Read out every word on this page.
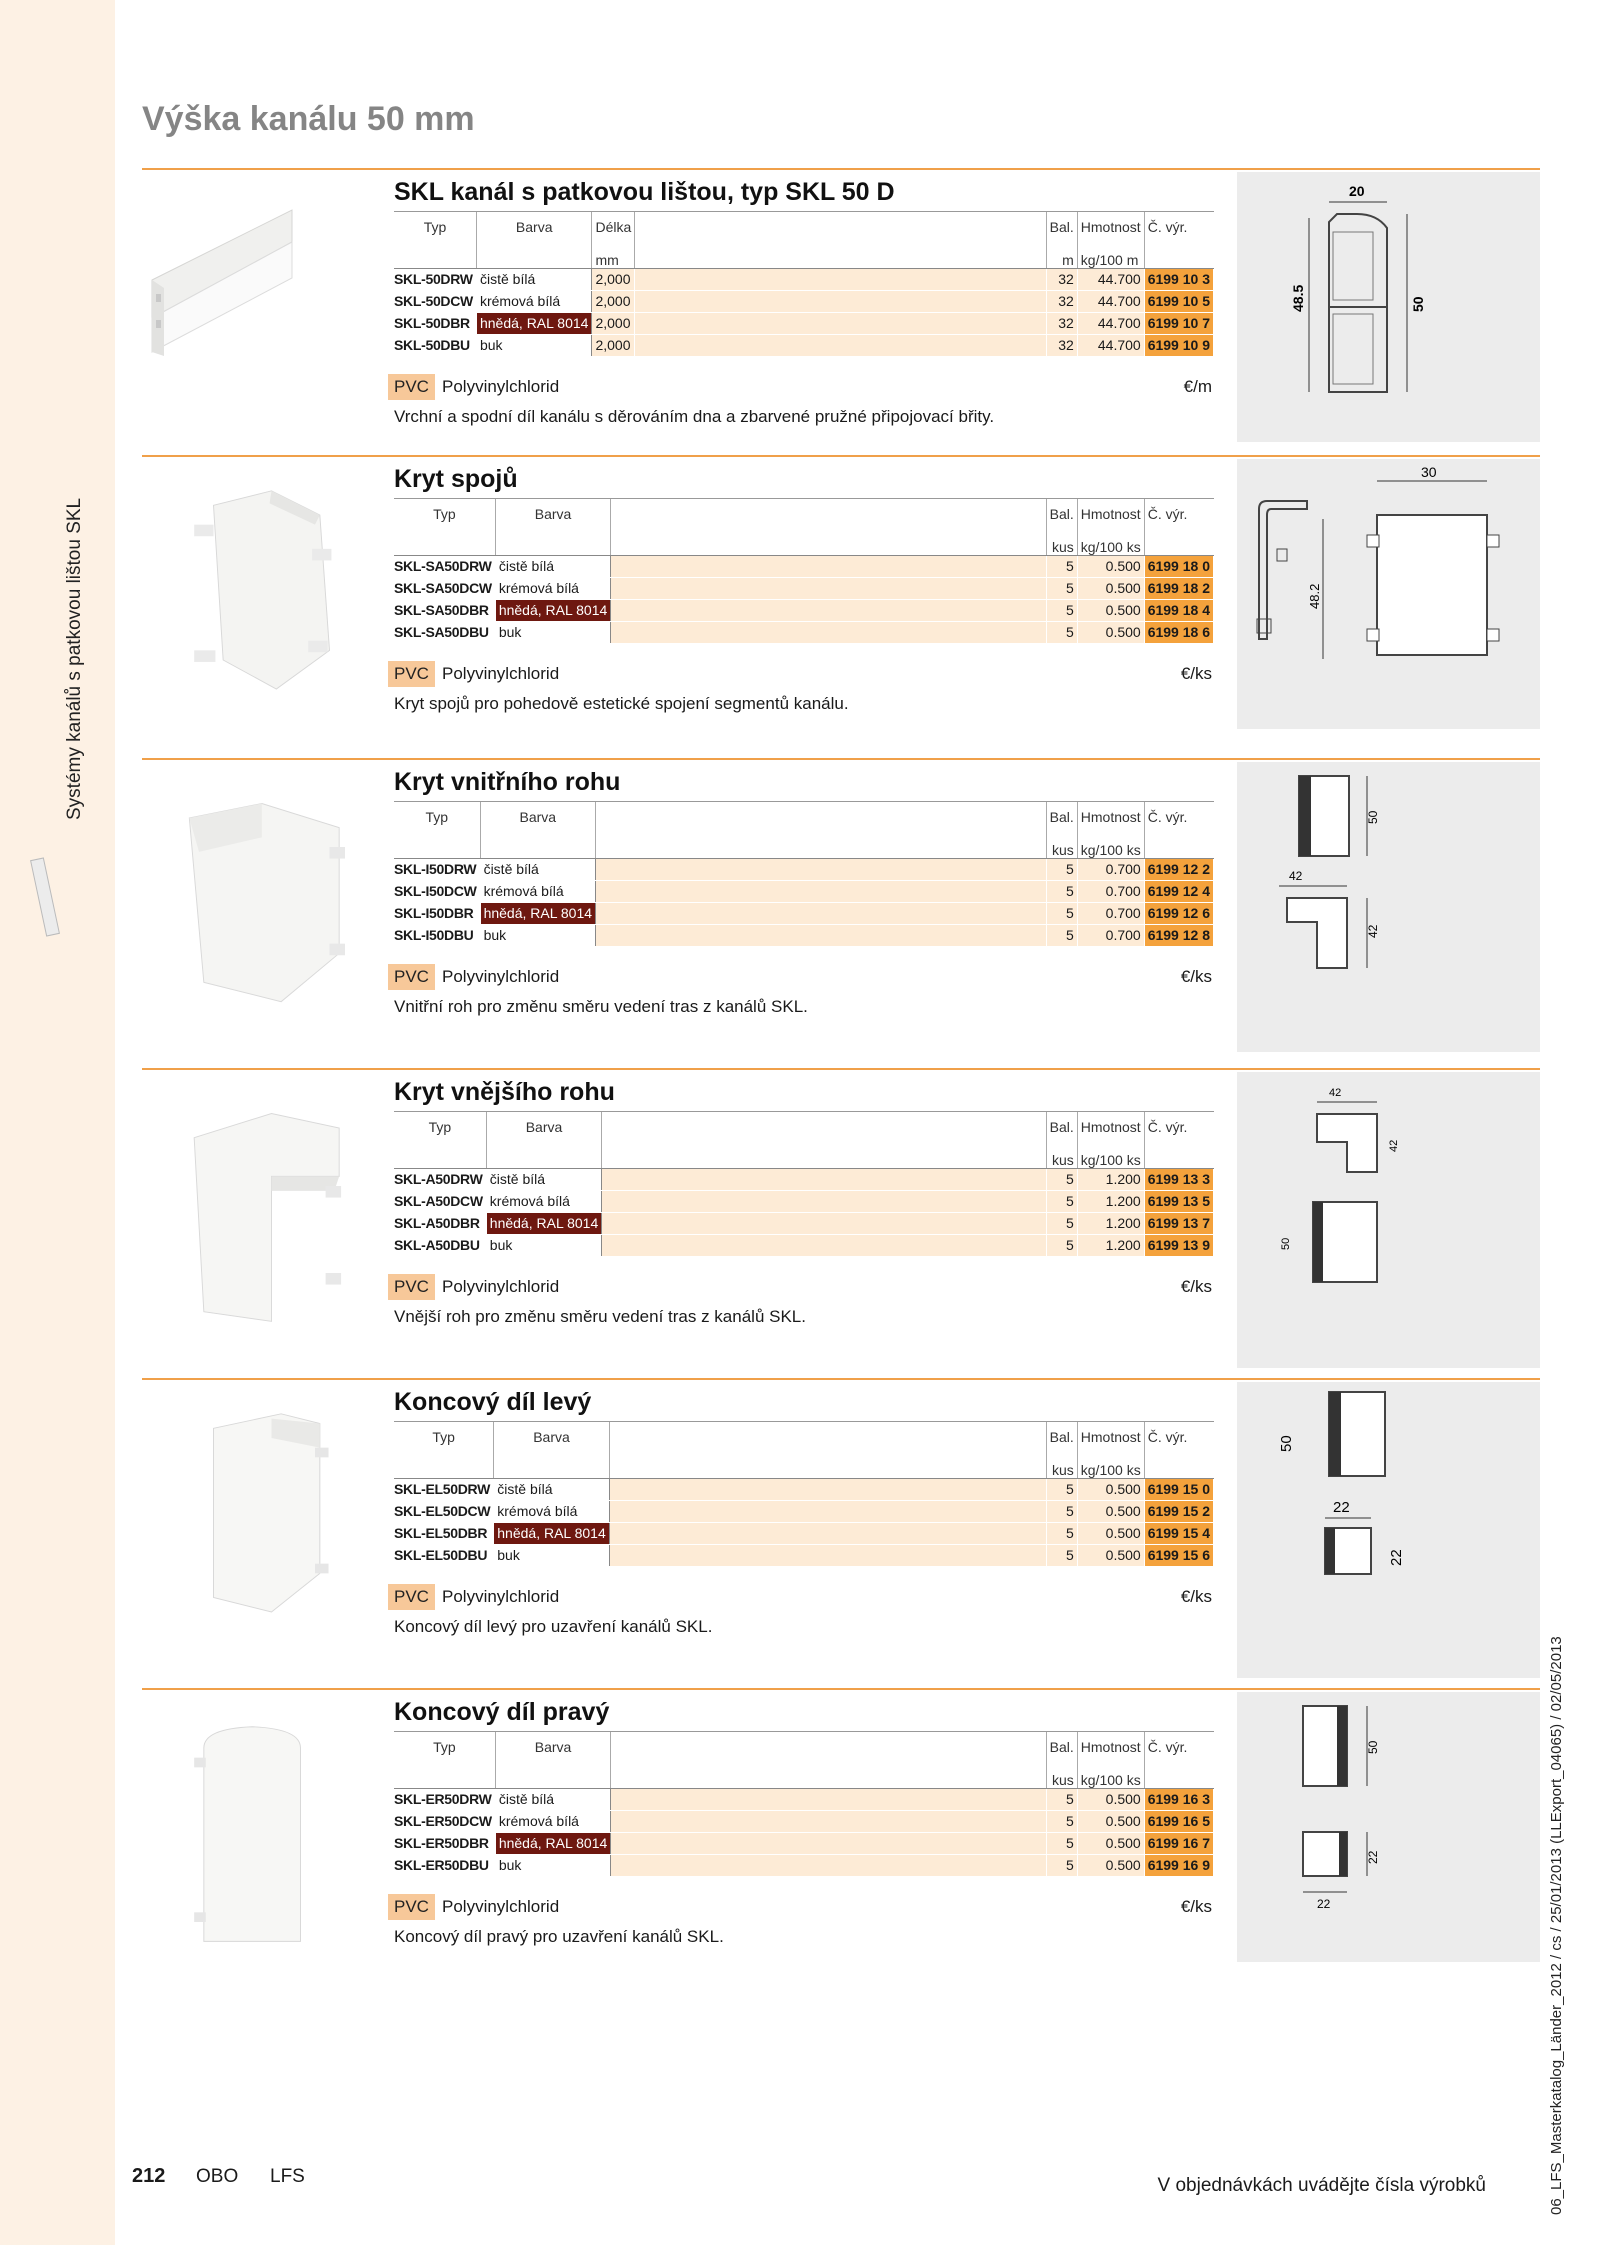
Systémy kanálů s patkovou lištou SKL
Výška kanálu 50 mm
SKL kanál s patkovou lištou, typ SKL 50 D
Typ	Barva	Délka		Bal.	Hmotnost	Č. výr.
		mm		m	kg/100 m	
SKL-50DRW	čistě bílá	2,000		32	44.700	6199 10 3
SKL-50DCW	krémová bílá	2,000		32	44.700	6199 10 5
SKL-50DBR	hnědá, RAL 8014	2,000		32	44.700	6199 10 7
SKL-50DBU	buk	2,000		32	44.700	6199 10 9
PVC Polyvinylchlorid	€/m
Vrchní a spodní díl kanálu s děrováním dna a zbarvené pružné připojovací břity.
20
48.5	50
Kryt spojů
Typ	Barva		Bal.	Hmotnost	Č. výr.
			kus	kg/100 ks	
SKL-SA50DRW	čistě bílá		5	0.500	6199 18 0
SKL-SA50DCW	krémová bílá		5	0.500	6199 18 2
SKL-SA50DBR	hnědá, RAL 8014		5	0.500	6199 18 4
SKL-SA50DBU	buk		5	0.500	6199 18 6
PVC Polyvinylchlorid	€/ks
Kryt spojů pro pohedově estetické spojení segmentů kanálu.
48.2
30
Kryt vnitřního rohu
Typ	Barva		Bal.	Hmotnost	Č. výr.
			kus	kg/100 ks	
SKL-I50DRW	čistě bílá		5	0.700	6199 12 2
SKL-I50DCW	krémová bílá		5	0.700	6199 12 4
SKL-I50DBR	hnědá, RAL 8014		5	0.700	6199 12 6
SKL-I50DBU	buk		5	0.700	6199 12 8
PVC Polyvinylchlorid	€/ks
Vnitřní roh pro změnu směru vedení tras z kanálů SKL.
50
42
42
Kryt vnějšího rohu
Typ	Barva		Bal.	Hmotnost	Č. výr.
			kus	kg/100 ks	
SKL-A50DRW	čistě bílá		5	1.200	6199 13 3
SKL-A50DCW	krémová bílá		5	1.200	6199 13 5
SKL-A50DBR	hnědá, RAL 8014		5	1.200	6199 13 7
SKL-A50DBU	buk		5	1.200	6199 13 9
PVC Polyvinylchlorid	€/ks
Vnější roh pro změnu směru vedení tras z kanálů SKL.
42
42
50
Koncový díl levý
Typ	Barva		Bal.	Hmotnost	Č. výr.
			kus	kg/100 ks	
SKL-EL50DRW	čistě bílá		5	0.500	6199 15 0
SKL-EL50DCW	krémová bílá		5	0.500	6199 15 2
SKL-EL50DBR	hnědá, RAL 8014		5	0.500	6199 15 4
SKL-EL50DBU	buk		5	0.500	6199 15 6
PVC Polyvinylchlorid	€/ks
Koncový díl levý pro uzavření kanálů SKL.
50
22
22
Koncový díl pravý
Typ	Barva		Bal.	Hmotnost	Č. výr.
			kus	kg/100 ks	
SKL-ER50DRW	čistě bílá		5	0.500	6199 16 3
SKL-ER50DCW	krémová bílá		5	0.500	6199 16 5
SKL-ER50DBR	hnědá, RAL 8014		5	0.500	6199 16 7
SKL-ER50DBU	buk		5	0.500	6199 16 9
PVC Polyvinylchlorid	€/ks
Koncový díl pravý pro uzavření kanálů SKL.
50
22
22
212 OBO LFS	V objednávkách uvádějte čísla výrobků	06_LFS_Masterkatalog_Länder_2012 / cs / 25/01/2013 (LLExport_04065) / 02/05/2013
